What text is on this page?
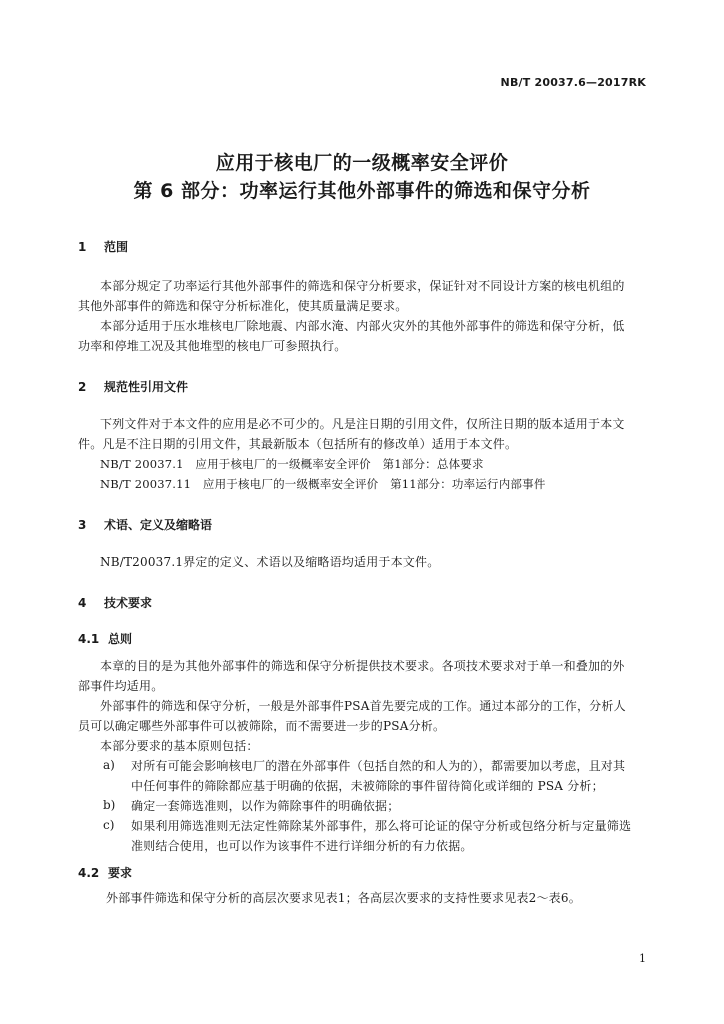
NB/T 20037.6—2017RK
应用于核电厂的一级概率安全评价
第 6 部分：功率运行其他外部事件的筛选和保守分析
1 范围
本部分规定了功率运行其他外部事件的筛选和保守分析要求，保证针对不同设计方案的核电机组的
其他外部事件的筛选和保守分析标准化，使其质量满足要求。
本部分适用于压水堆核电厂除地震、内部水淹、内部火灾外的其他外部事件的筛选和保守分析，低
功率和停堆工况及其他堆型的核电厂可参照执行。
2 规范性引用文件
下列文件对于本文件的应用是必不可少的。凡是注日期的引用文件，仅所注日期的版本适用于本文
件。凡是不注日期的引用文件，其最新版本（包括所有的修改单）适用于本文件。
NB/T 20037.1　应用于核电厂的一级概率安全评价　第1部分：总体要求
NB/T 20037.11　应用于核电厂的一级概率安全评价　第11部分：功率运行内部事件
3 术语、定义及缩略语
NB/T20037.1界定的定义、术语以及缩略语均适用于本文件。
4 技术要求
4.1 总则
本章的目的是为其他外部事件的筛选和保守分析提供技术要求。各项技术要求对于单一和叠加的外
部事件均适用。
外部事件的筛选和保守分析，一般是外部事件PSA首先要完成的工作。通过本部分的工作，分析人
员可以确定哪些外部事件可以被筛除，而不需要进一步的PSA分析。
本部分要求的基本原则包括：
a) 对所有可能会影响核电厂的潜在外部事件（包括自然的和人为的），都需要加以考虑，且对其
中任何事件的筛除都应基于明确的依据，未被筛除的事件留待简化或详细的 PSA 分析；
b) 确定一套筛选准则，以作为筛除事件的明确依据；
c) 如果利用筛选准则无法定性筛除某外部事件，那么将可论证的保守分析或包络分析与定量筛选
准则结合使用，也可以作为该事件不进行详细分析的有力依据。
4.2 要求
外部事件筛选和保守分析的高层次要求见表1；各高层次要求的支持性要求见表2～表6。
1
